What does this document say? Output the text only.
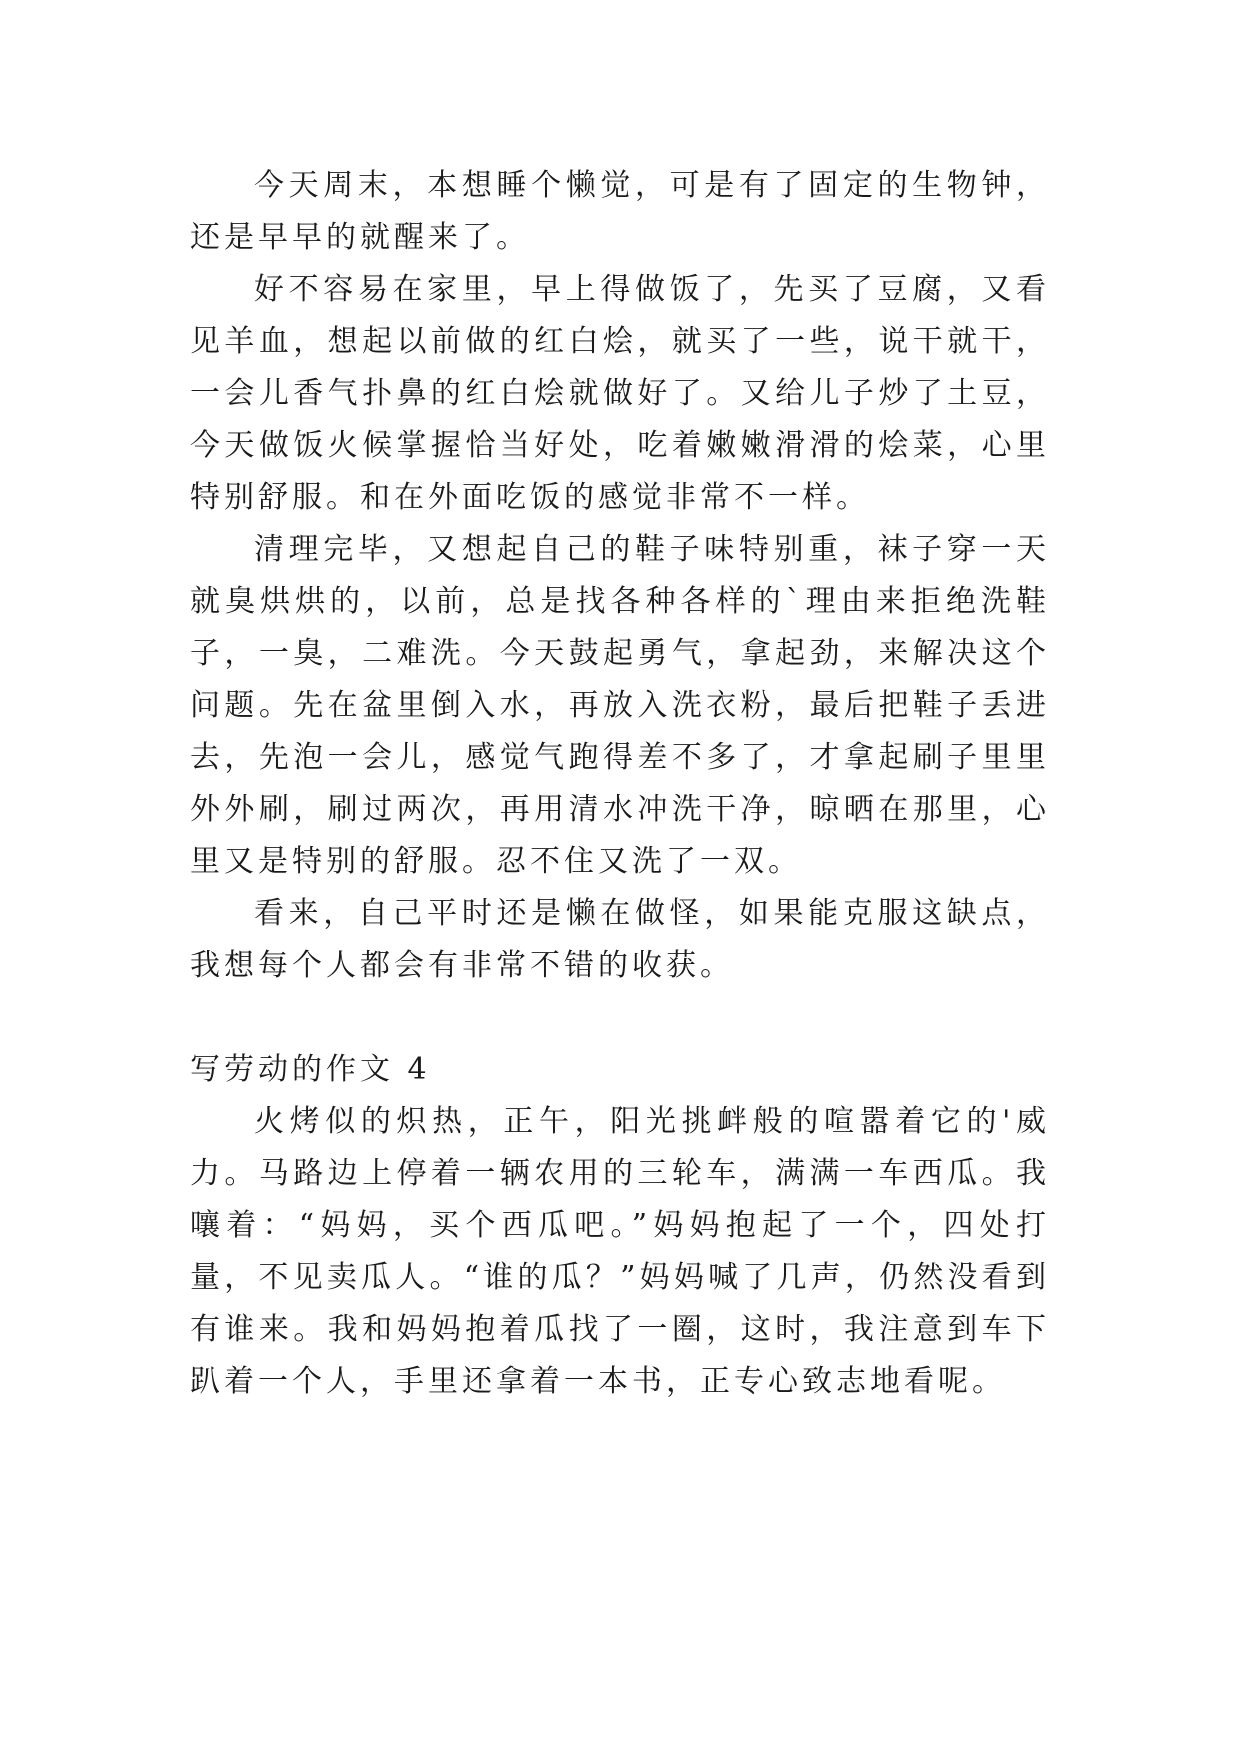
今天周末，本想睡个懒觉，可是有了固定的生物钟，还是早早的就醒来了。

好不容易在家里，早上得做饭了，先买了豆腐，又看见羊血，想起以前做的红白烩，就买了一些，说干就干，一会儿香气扑鼻的红白烩就做好了。又给儿子炒了土豆，今天做饭火候掌握恰当好处，吃着嫩嫩滑滑的烩菜，心里特别舒服。和在外面吃饭的感觉非常不一样。

清理完毕，又想起自己的鞋子味特别重，袜子穿一天就臭烘烘的，以前，总是找各种各样的`理由来拒绝洗鞋子，一臭，二难洗。今天鼓起勇气，拿起劲，来解决这个问题。先在盆里倒入水，再放入洗衣粉，最后把鞋子丢进去，先泡一会儿，感觉气跑得差不多了，才拿起刷子里里外外刷，刷过两次，再用清水冲洗干净，晾晒在那里，心里又是特别的舒服。忍不住又洗了一双。

看来，自己平时还是懒在做怪，如果能克服这缺点，我想每个人都会有非常不错的收获。

写劳动的作文 4

火烤似的炽热，正午，阳光挑衅般的喧嚣着它的'威力。马路边上停着一辆农用的三轮车，满满一车西瓜。我嚷着：“妈妈，买个西瓜吧。”妈妈抱起了一个，四处打量，不见卖瓜人。“谁的瓜？”妈妈喊了几声，仍然没看到有谁来。我和妈妈抱着瓜找了一圈，这时，我注意到车下趴着一个人，手里还拿着一本书，正专心致志地看呢。
